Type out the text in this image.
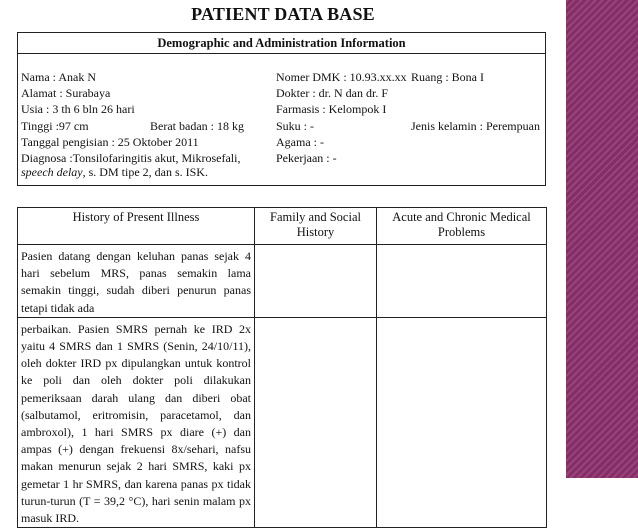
PATIENT DATA BASE
Demographic and Administration Information
Nama : Anak N
Alamat : Surabaya
Usia : 3 th 6 bln 26 hari
Tinggi :97 cm	Berat badan : 18 kg
Tanggal pengisian : 25 Oktober 2011
Diagnosa :Tonsilofaringitis akut, Mikrosefali, speech delay, s. DM tipe 2, dan s. ISK.
Nomer DMK : 10.93.xx.xx Ruang : Bona I
Dokter : dr. N dan dr. F
Farmasis : Kelompok I
Suku : -	Jenis kelamin : Perempuan
Agama : -
Pekerjaan : -
History of Present Illness	Family and Social History	Acute and Chronic Medical Problems
Pasien datang dengan keluhan panas sejak 4 hari sebelum MRS, panas semakin lama semakin tinggi, sudah diberi penurun panas tetapi tidak ada		
perbaikan. Pasien SMRS pernah ke IRD 2x yaitu 4 SMRS dan 1 SMRS (Senin, 24/10/11), oleh dokter IRD px dipulangkan untuk kontrol ke poli dan oleh dokter poli dilakukan pemeriksaan darah ulang dan diberi obat (salbutamol, eritromisin, paracetamol, dan ambroxol), 1 hari SMRS px diare (+) dan ampas (+) dengan frekuensi 8x/sehari, nafsu makan menurun sejak 2 hari SMRS, kaki px gemetar 1 hr SMRS, dan karena panas px tidak turun-turun (T = 39,2 °C), hari senin malam px masuk IRD.		
